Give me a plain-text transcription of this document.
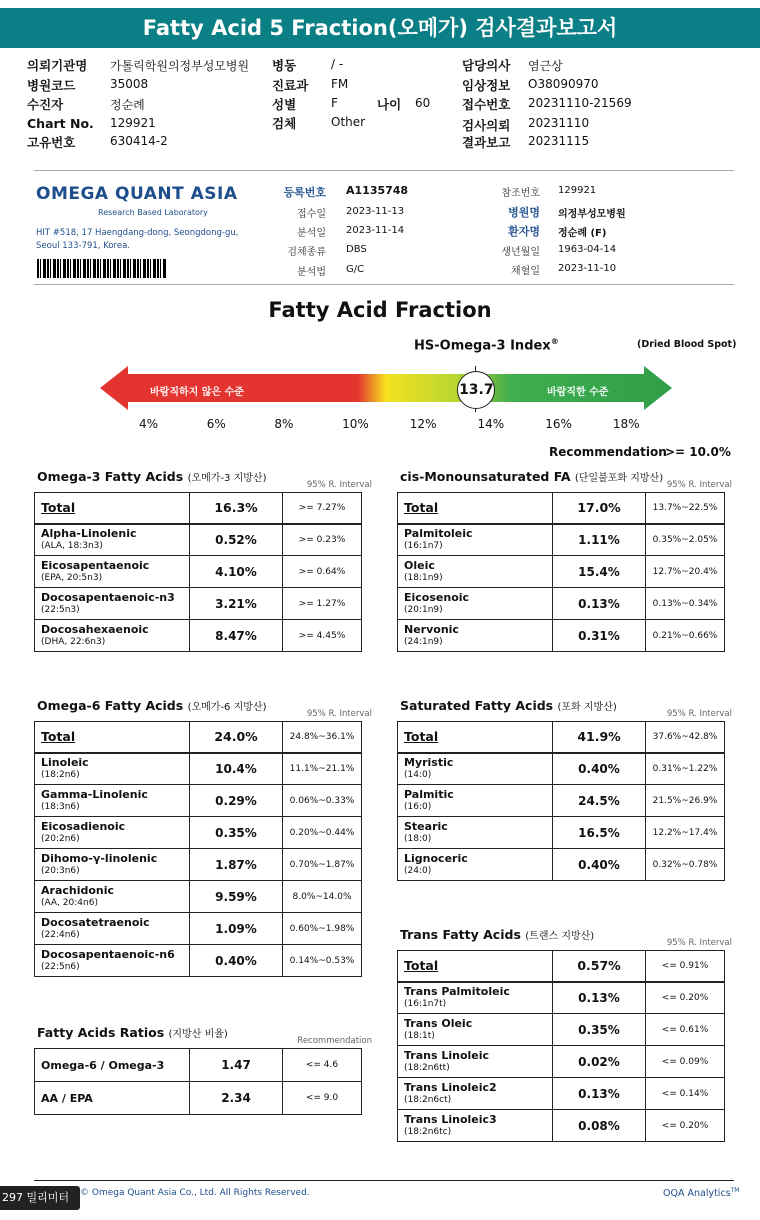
Fatty Acid 5 Fraction(오메가) 검사결과보고서
의뢰기관명 가톨릭학원의정부성모병원
병원코드	35008
수진자	정순례
Chart No. 129921
고유번호	630414-2
병동	/ -
진료과 FM
성별	F	나이 60
검체	Other
담당의사 염근상
임상정보 O38090970
접수번호 20231110-21569
검사의뢰 20231110
결과보고 20231115
OMEGA QUANT ASIA
Research Based Laboratory
HIT #518, 17 Haengdang-dong, Seongdong-gu,
Seoul 133-791, Korea.
등록번호 A1135748
접수일 2023-11-13
분석일 2023-11-14
검체종류 DBS
분석법 G/C
참조번호 129921
병원명 의정부성모병원
환자명 정순례 (F)
생년월일 1963-04-14
채혈일 2023-11-10
Fatty Acid Fraction
HS-Omega-3 Index®	(Dried Blood Spot)
바람직하지 않은 수준	바람직한 수준
13.7
4%	6%	8%	10%	12%	14%	16%	18%
Recommendation
>= 10.0%
Omega-3 Fatty Acids (오메가-3 지방산)
95% R. Interval
Total	16.3%	>= 7.27%
Alpha-Linolenic
(ALA, 18:3n3)	0.52%	>= 0.23%
Eicosapentaenoic
(EPA, 20:5n3)	4.10%	>= 0.64%
Docosapentaenoic-n3
(22:5n3)	3.21%	>= 1.27%
Docosahexaenoic
(DHA, 22:6n3)	8.47%	>= 4.45%
cis-Monounsaturated FA (단일불포화 지방산)
95% R. Interval
Total	17.0%	13.7%~22.5%
Palmitoleic
(16:1n7)	1.11%	0.35%~2.05%
Oleic
(18:1n9)	15.4%	12.7%~20.4%
Eicosenoic
(20:1n9)	0.13%	0.13%~0.34%
Nervonic
(24:1n9)	0.31%	0.21%~0.66%
Omega-6 Fatty Acids (오메가-6 지방산)
95% R. Interval
Total	24.0%	24.8%~36.1%
Linoleic
(18:2n6)	10.4%	11.1%~21.1%
Gamma-Linolenic
(18:3n6)	0.29%	0.06%~0.33%
Eicosadienoic
(20:2n6)	0.35%	0.20%~0.44%
Dihomo-γ-linolenic
(20:3n6)	1.87%	0.70%~1.87%
Arachidonic
(AA, 20:4n6)	9.59%	8.0%~14.0%
Docosatetraenoic
(22:4n6)	1.09%	0.60%~1.98%
Docosapentaenoic-n6
(22:5n6)	0.40%	0.14%~0.53%
Saturated Fatty Acids (포화 지방산)
95% R. Interval
Total	41.9%	37.6%~42.8%
Myristic
(14:0)	0.40%	0.31%~1.22%
Palmitic
(16:0)	24.5%	21.5%~26.9%
Stearic
(18:0)	16.5%	12.2%~17.4%
Lignoceric
(24:0)	0.40%	0.32%~0.78%
Trans Fatty Acids (트랜스 지방산)
95% R. Interval
Total	0.57%	<= 0.91%
Trans Palmitoleic
(16:1n7t)	0.13%	<= 0.20%
Trans Oleic
(18:1t)	0.35%	<= 0.61%
Trans Linoleic
(18:2n6tt)	0.02%	<= 0.09%
Trans Linoleic2
(18:2n6ct)	0.13%	<= 0.14%
Trans Linoleic3
(18:2n6tc)	0.08%	<= 0.20%
Fatty Acids Ratios (지방산 비율)
Recommendation
Omega-6 / Omega-3	1.47	<= 4.6
AA / EPA	2.34	<= 9.0
© Omega Quant Asia Co., Ltd. All Rights Reserved.	OQA Analytics™
297 밀리미터
